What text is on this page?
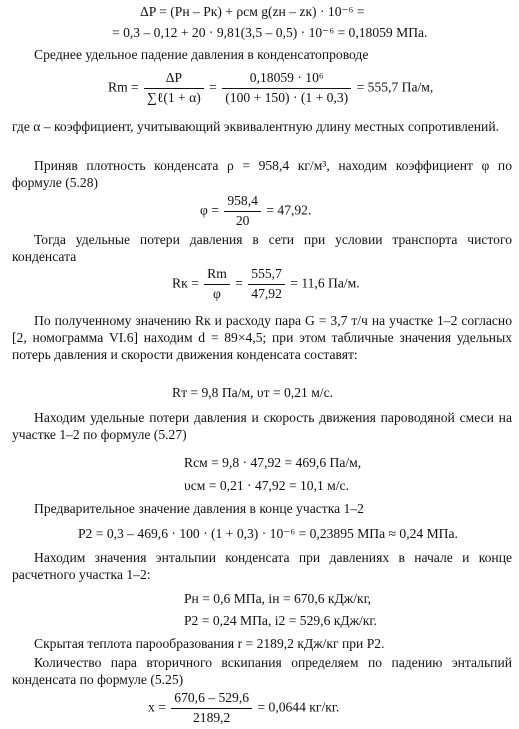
ΔP = (Pн – Pк) + ρсм g(zн – zк) · 10⁻⁶ =
= 0,3 – 0,12 + 20 · 9,81(3,5 – 0,5) · 10⁻⁶ = 0,18059 МПа.
Среднее удельное падение давления в конденсатопроводе
$Rm = \frac{\Delta P}{\text{∑ℓ(1 + α)}} = \frac{\text{0,18059 · 10⁶}}{(100 + 150) \cdot (1 + 0,3)} = 555,7$ Па/м,
где α – коэффициент, учитывающий эквивалентную длину местных сопротивлений.
Приняв плотность конденсата ρ = 958,4 кг/м³, находим коэффициент φ по формуле (5.28)
$\varphi = \frac{958,4}{20} = 47,92$.
Тогда удельные потери давления в сети при условии транспорта чистого конденсата
Rк = $\frac{Rm}{\varphi} = \frac{555,7}{47,92} = 11,6$ Па/м.
По полученному значению Rк и расходу пара G = 3,7 т/ч на участке 1–2 согласно [2, номограмма VI.6] находим d = 89×4,5; при этом табличные значения удельных потерь давления и скорости движения конденсата составят:
Rт = 9,8 Па/м, υт = 0,21 м/с.
Находим удельные потери давления и скорость движения пароводяной смеси на участке 1–2 по формуле (5.27)
Rсм = 9,8 · 47,92 = 469,6 Па/м,
υсм = 0,21 · 47,92 = 10,1 м/с.
Предварительное значение давления в конце участка 1–2
P2 = 0,3 – 469,6 · 100 · (1 + 0,3) · 10⁻⁶ = 0,23895 МПа ≈ 0,24 МПа.
Находим значения энтальпии конденсата при давлениях в начале и конце расчетного участка 1–2:
Pн = 0,6 МПа, iн = 670,6 кДж/кг,
P2 = 0,24 МПа, i2 = 529,6 кДж/кг.
Скрытая теплота парообразования r = 2189,2 кДж/кг при P2.
Количество пара вторичного вскипания определяем по падению энтальпий конденсата по формуле (5.25)
$x = \frac{670,6 - 529,6}{2189,2} = 0,0644$ кг/кг.
